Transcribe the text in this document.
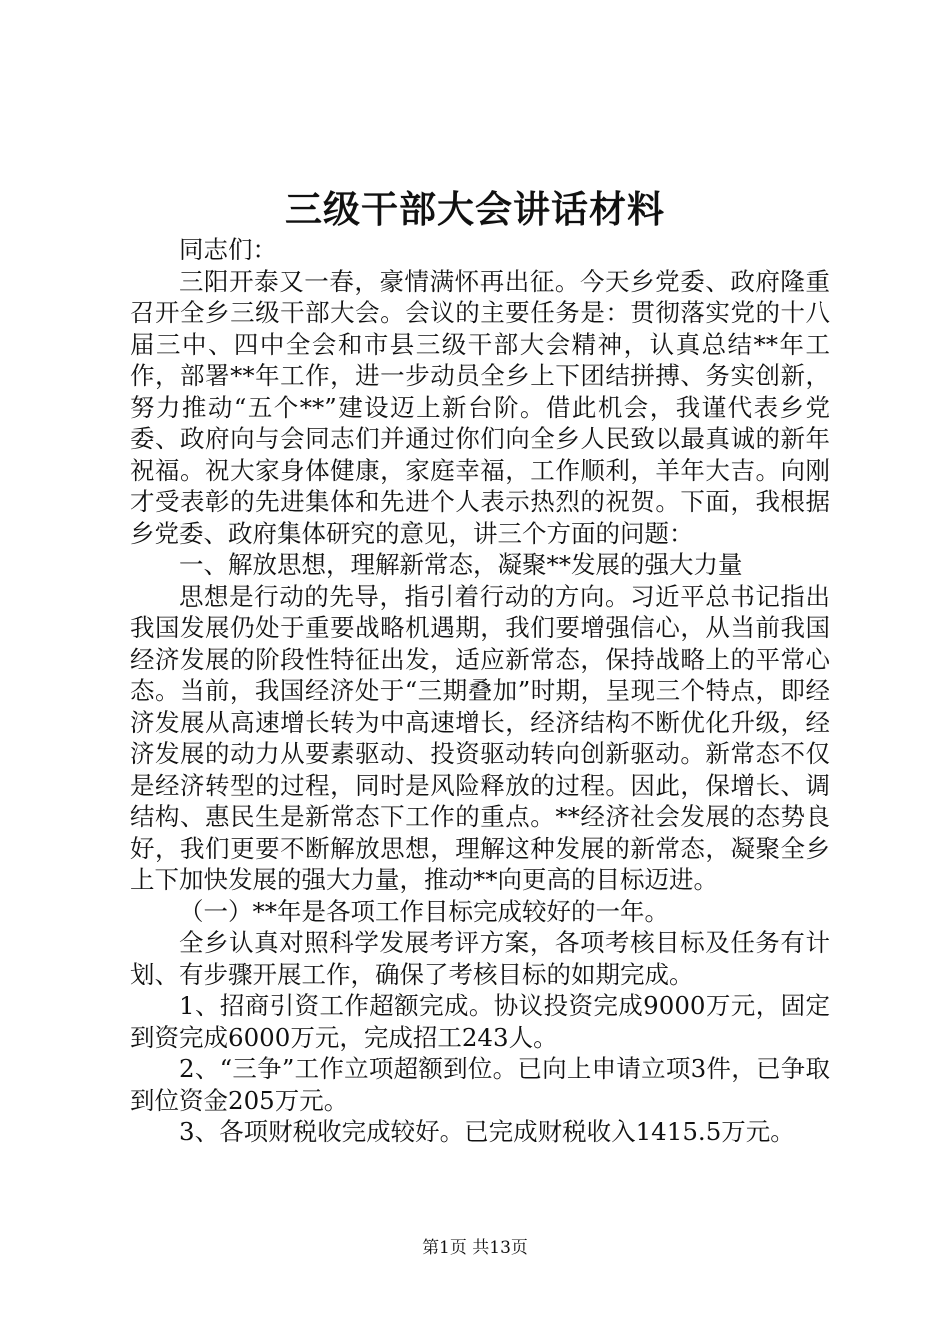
三级干部大会讲话材料

同志们：

三阳开泰又一春，豪情满怀再出征。今天乡党委、政府隆重召开全乡三级干部大会。会议的主要任务是：贯彻落实党的十八届三中、四中全会和市县三级干部大会精神，认真总结**年工作，部署**年工作，进一步动员全乡上下团结拼搏、务实创新，努力推动“五个**”建设迈上新台阶。借此机会，我谨代表乡党委、政府向与会同志们并通过你们向全乡人民致以最真诚的新年祝福。祝大家身体健康，家庭幸福，工作顺利，羊年大吉。向刚才受表彰的先进集体和先进个人表示热烈的祝贺。下面，我根据乡党委、政府集体研究的意见，讲三个方面的问题：

一、解放思想，理解新常态，凝聚**发展的强大力量

思想是行动的先导，指引着行动的方向。习近平总书记指出我国发展仍处于重要战略机遇期，我们要增强信心，从当前我国经济发展的阶段性特征出发，适应新常态，保持战略上的平常心态。当前，我国经济处于“三期叠加”时期，呈现三个特点，即经济发展从高速增长转为中高速增长，经济结构不断优化升级，经济发展的动力从要素驱动、投资驱动转向创新驱动。新常态不仅是经济转型的过程，同时是风险释放的过程。因此，保增长、调结构、惠民生是新常态下工作的重点。**经济社会发展的态势良好，我们更要不断解放思想，理解这种发展的新常态，凝聚全乡上下加快发展的强大力量，推动**向更高的目标迈进。

（一）**年是各项工作目标完成较好的一年。

全乡认真对照科学发展考评方案，各项考核目标及任务有计划、有步骤开展工作，确保了考核目标的如期完成。

1、招商引资工作超额完成。协议投资完成9000万元，固定到资完成6000万元，完成招工243人。

2、“三争”工作立项超额到位。已向上申请立项3件，已争取到位资金205万元。

3、各项财税收完成较好。已完成财税收入1415.5万元。

第1页 共13页
